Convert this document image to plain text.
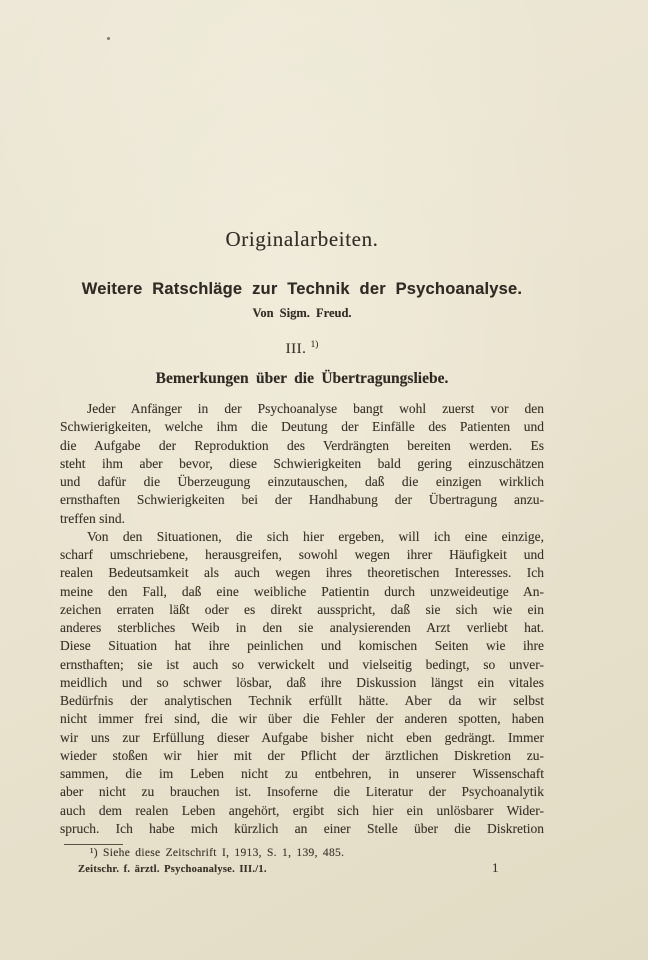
Originalarbeiten.
Weitere Ratschläge zur Technik der Psychoanalyse.
Von Sigm. Freud.
III. $^{1)}$
Bemerkungen über die Übertragungsliebe.
Jeder Anfänger in der Psychoanalyse bangt wohl zuerst vor den
Schwierigkeiten, welche ihm die Deutung der Einfälle des Patienten und
die Aufgabe der Reproduktion des Verdrängten bereiten werden. Es
steht ihm aber bevor, diese Schwierigkeiten bald gering einzuschätzen
und dafür die Überzeugung einzutauschen, daß die einzigen wirklich
ernsthaften Schwierigkeiten bei der Handhabung der Übertragung anzu-
treffen sind.
Von den Situationen, die sich hier ergeben, will ich eine einzige,
scharf umschriebene, herausgreifen, sowohl wegen ihrer Häufigkeit und
realen Bedeutsamkeit als auch wegen ihres theoretischen Interesses. Ich
meine den Fall, daß eine weibliche Patientin durch unzweideutige An-
zeichen erraten läßt oder es direkt ausspricht, daß sie sich wie ein
anderes sterbliches Weib in den sie analysierenden Arzt verliebt hat.
Diese Situation hat ihre peinlichen und komischen Seiten wie ihre
ernsthaften; sie ist auch so verwickelt und vielseitig bedingt, so unver-
meidlich und so schwer lösbar, daß ihre Diskussion längst ein vitales
Bedürfnis der analytischen Technik erfüllt hätte. Aber da wir selbst
nicht immer frei sind, die wir über die Fehler der anderen spotten, haben
wir uns zur Erfüllung dieser Aufgabe bisher nicht eben gedrängt. Immer
wieder stoßen wir hier mit der Pflicht der ärztlichen Diskretion zu-
sammen, die im Leben nicht zu entbehren, in unserer Wissenschaft
aber nicht zu brauchen ist. Insoferne die Literatur der Psychoanalytik
auch dem realen Leben angehört, ergibt sich hier ein unlösbarer Wider-
spruch. Ich habe mich kürzlich an einer Stelle über die Diskretion
¹) Siehe diese Zeitschrift I, 1913, S. 1, 139, 485.
Zeitschr. f. ärztl. Psychoanalyse. III./1.	1
